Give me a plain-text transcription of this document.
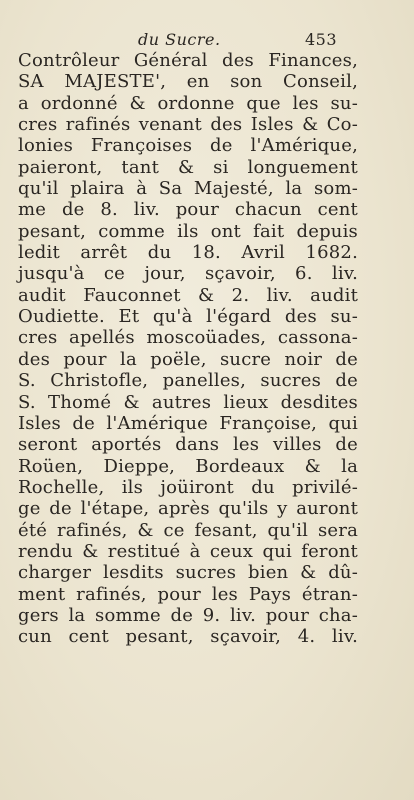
du Sucre.	453
Contrôleur Général des Finances,
SA MAJESTE', en son Conseil,
a ordonné & ordonne que les su-
cres rafinés venant des Isles & Co-
lonies Françoises de l'Amérique,
paieront, tant & si longuement
qu'il plaira à Sa Majesté, la som-
me de 8. liv. pour chacun cent
pesant, comme ils ont fait depuis
ledit arrêt du 18. Avril 1682.
jusqu'à ce jour, sçavoir, 6. liv.
audit Fauconnet & 2. liv. audit
Oudiette. Et qu'à l'égard des su-
cres apellés moscoüades, cassona-
des pour la poële, sucre noir de
S. Christofle, panelles, sucres de
S. Thomé & autres lieux desdites
Isles de l'Amérique Françoise, qui
seront aportés dans les villes de
Roüen, Dieppe, Bordeaux & la
Rochelle, ils joüiront du privilé-
ge de l'étape, après qu'ils y auront
été rafinés, & ce fesant, qu'il sera
rendu & restitué à ceux qui feront
charger lesdits sucres bien & dû-
ment rafinés, pour les Pays étran-
gers la somme de 9. liv. pour cha-
cun cent pesant, sçavoir, 4. liv.
